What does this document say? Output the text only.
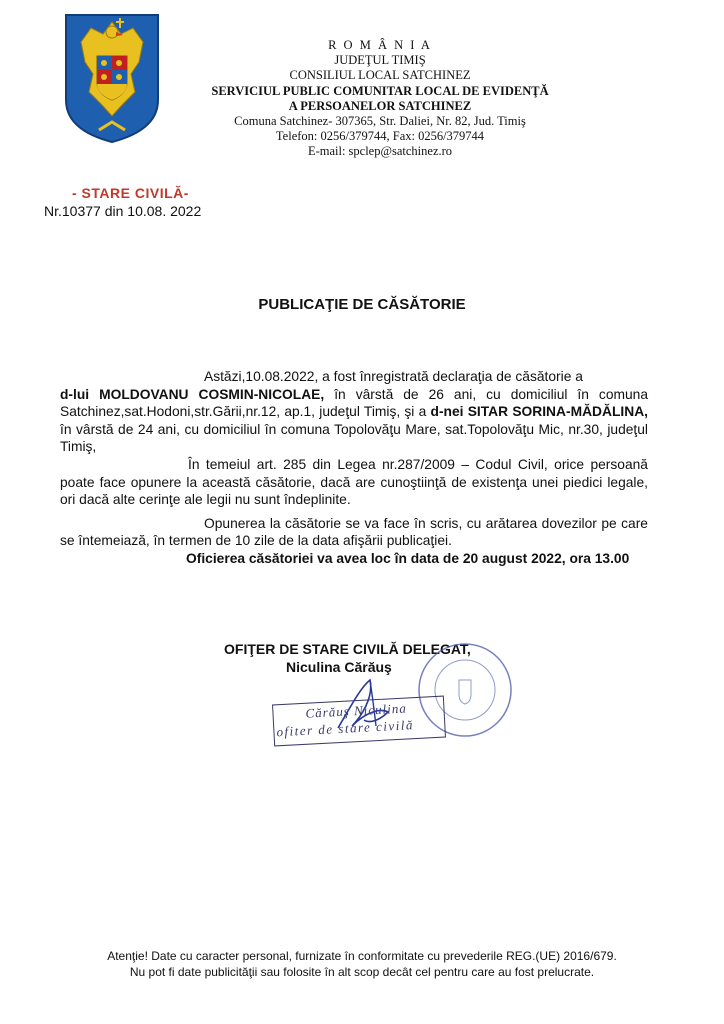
R O M Â N I A
JUDEŢUL TIMIŞ
CONSILIUL LOCAL SATCHINEZ
SERVICIUL PUBLIC COMUNITAR LOCAL DE EVIDENŢĂ
A PERSOANELOR SATCHINEZ
Comuna Satchinez- 307365, Str. Daliei, Nr. 82, Jud. Timiş
Telefon: 0256/379744, Fax: 0256/379744
E-mail: spclep@satchinez.ro
- STARE CIVILĂ-
Nr.10377 din 10.08. 2022
PUBLICAŢIE DE CĂSĂTORIE

Astăzi,10.08.2022, a fost înregistrată declaraţia de căsătorie a

d-lui MOLDOVANU COSMIN-NICOLAE, în vârstă de 26 ani, cu domiciliul în comuna Satchinez,sat.Hodoni,str.Gării,nr.12, ap.1, judeţul Timiş, şi a d-nei SITAR SORINA-MĂDĂLINA, în vârstă de 24 ani, cu domiciliul în comuna Topolovăţu Mare, sat.Topolovăţu Mic, nr.30, judeţul Timiş,

În temeiul art. 285 din Legea nr.287/2009 – Codul Civil, orice persoană poate face opunere la această căsătorie, dacă are cunoştiinţă de existenţa unei piedici legale, ori dacă alte cerinţe ale legii nu sunt îndeplinite.

Opunerea la căsătorie se va face în scris, cu arătarea dovezilor pe care se întemeiază, în termen de 10 zile de la data afişării publicaţiei.

Oficierea căsătoriei va avea loc în data de 20 august 2022, ora 13.00

OFIŢER DE STARE CIVILĂ DELEGAT,
Niculina Cărăuş
Cărăuş Niculina
ofiter de stare civilă
Atenţie! Date cu caracter personal, furnizate în conformitate cu prevederile REG.(UE) 2016/679.
Nu pot fi date publicităţii sau folosite în alt scop decât cel pentru care au fost prelucrate.
